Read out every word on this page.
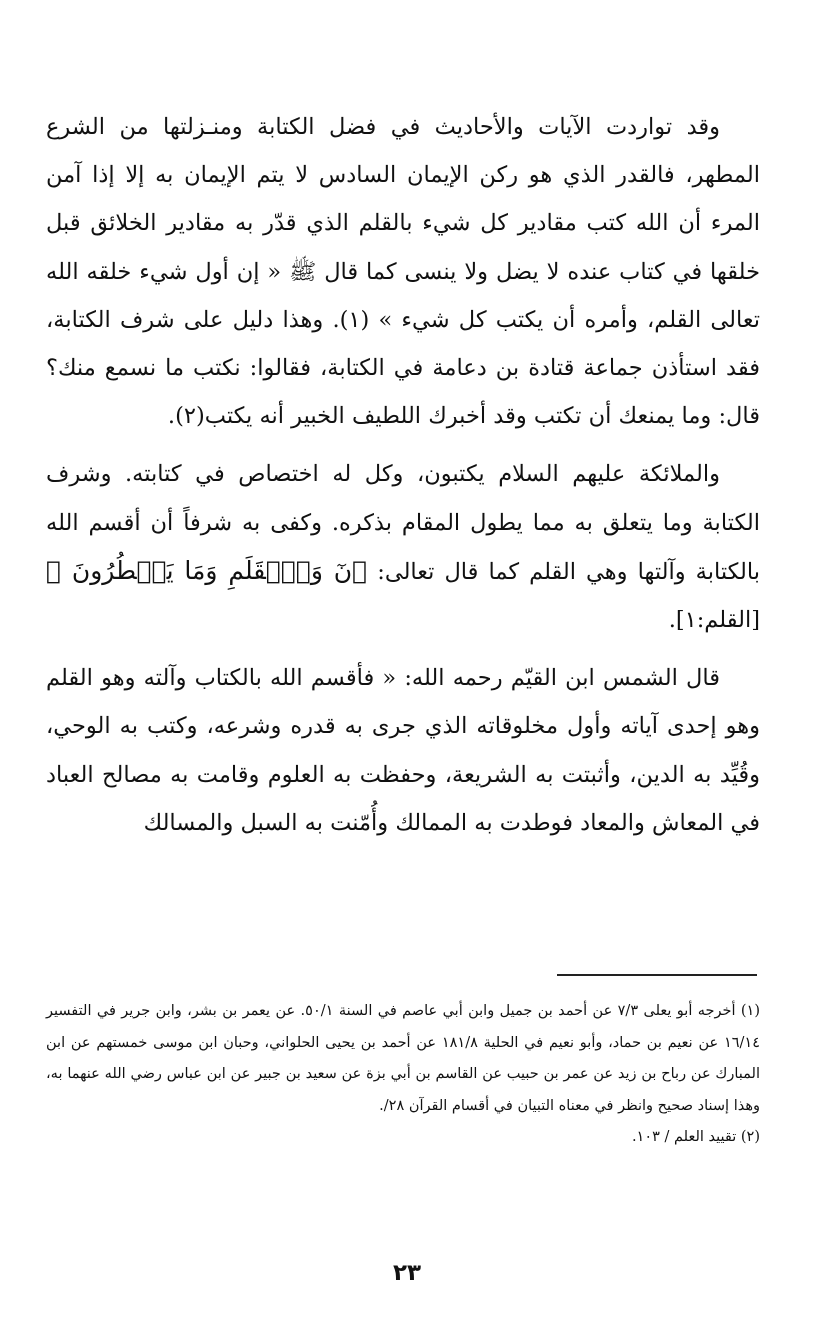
وقد تواردت الآيات والأحاديث في فضل الكتابة ومنـزلتها من الشرع المطهر، فالقدر الذي هو ركن الإيمان السادس لا يتم الإيمان به إلا إذا آمن المرء أن الله كتب مقادير كل شيء بالقلم الذي قدّر به مقادير الخلائق قبل خلقها في كتاب عنده لا يضل ولا ينسى كما قال ﷺ « إن أول شيء خلقه الله تعالى القلم، وأمره أن يكتب كل شيء » (١). وهذا دليل على شرف الكتابة، فقد استأذن جماعة قتادة بن دعامة في الكتابة، فقالوا: نكتب ما نسمع منك؟ قال: وما يمنعك أن تكتب وقد أخبرك اللطيف الخبير أنه يكتب(٢).

والملائكة عليهم السلام يكتبون، وكل له اختصاص في كتابته. وشرف الكتابة وما يتعلق به مما يطول المقام بذكره. وكفى به شرفاً أن أقسم الله بالكتابة وآلتها وهي القلم كما قال تعالى: ﴿نٓ وَٱلۡقَلَمِ وَمَا يَسۡطُرُونَ ﴾ [القلم:١].

قال الشمس ابن القيّم رحمه الله: « فأقسم الله بالكتاب وآلته وهو القلم وهو إحدى آياته وأول مخلوقاته الذي جرى به قدره وشرعه، وكتب به الوحي، وقُيِّد به الدين، وأثبتت به الشريعة، وحفظت به العلوم وقامت به مصالح العباد في المعاش والمعاد فوطدت به الممالك وأُمّنت به السبل والمسالك

(١) أخرجه أبو يعلى ٧/٣ عن أحمد بن جميل وابن أبي عاصم في السنة ٥٠/١. عن يعمر بن بشر، وابن جرير في التفسير ١٦/١٤ عن نعيم بن حماد، وأبو نعيم في الحلية ١٨١/٨ عن أحمد بن يحيى الحلواني، وحبان ابن موسى خمستهم عن ابن المبارك عن رباح بن زيد عن عمر بن حبيب عن القاسم بن أبي بزة عن سعيد بن جبير عن ابن عباس رضي الله عنهما به، وهذا إسناد صحيح وانظر في معناه التبيان في أقسام القرآن ٢٨/.

(٢) تقييد العلم / ١٠٣.

٢٣
